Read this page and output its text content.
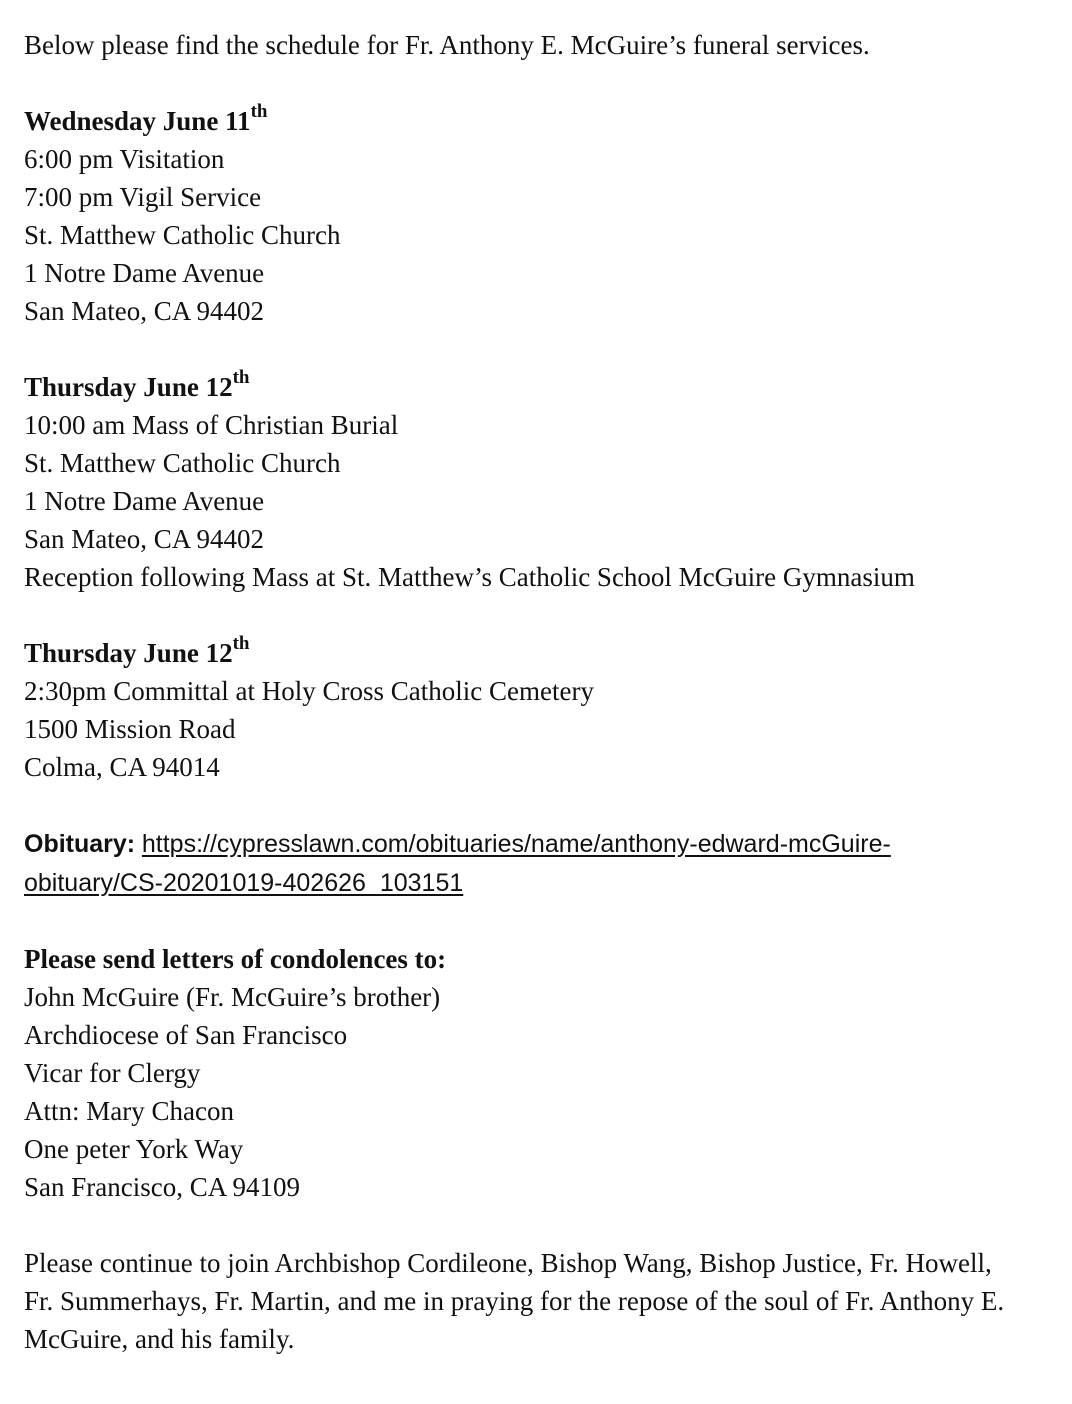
Below please find the schedule for Fr. Anthony E. McGuire’s funeral services.

Wednesday June 11th

6:00 pm Visitation

7:00 pm Vigil Service

St. Matthew Catholic Church

1 Notre Dame Avenue

San Mateo, CA 94402

Thursday June 12th

10:00 am Mass of Christian Burial

St. Matthew Catholic Church

1 Notre Dame Avenue

San Mateo, CA 94402

Reception following Mass at St. Matthew’s Catholic School McGuire Gymnasium

Thursday June 12th

2:30pm Committal at Holy Cross Catholic Cemetery

1500 Mission Road

Colma, CA 94014

Obituary: https://cypresslawn.com/obituaries/name/anthony-edward-mcGuire-

obituary/CS-20201019-402626_103151

Please send letters of condolences to:

John McGuire (Fr. McGuire’s brother)

Archdiocese of San Francisco

Vicar for Clergy

Attn: Mary Chacon

One peter York Way

San Francisco, CA 94109

Please continue to join Archbishop Cordileone, Bishop Wang, Bishop Justice, Fr. Howell,

Fr. Summerhays, Fr. Martin, and me in praying for the repose of the soul of Fr. Anthony E.

McGuire, and his family.
